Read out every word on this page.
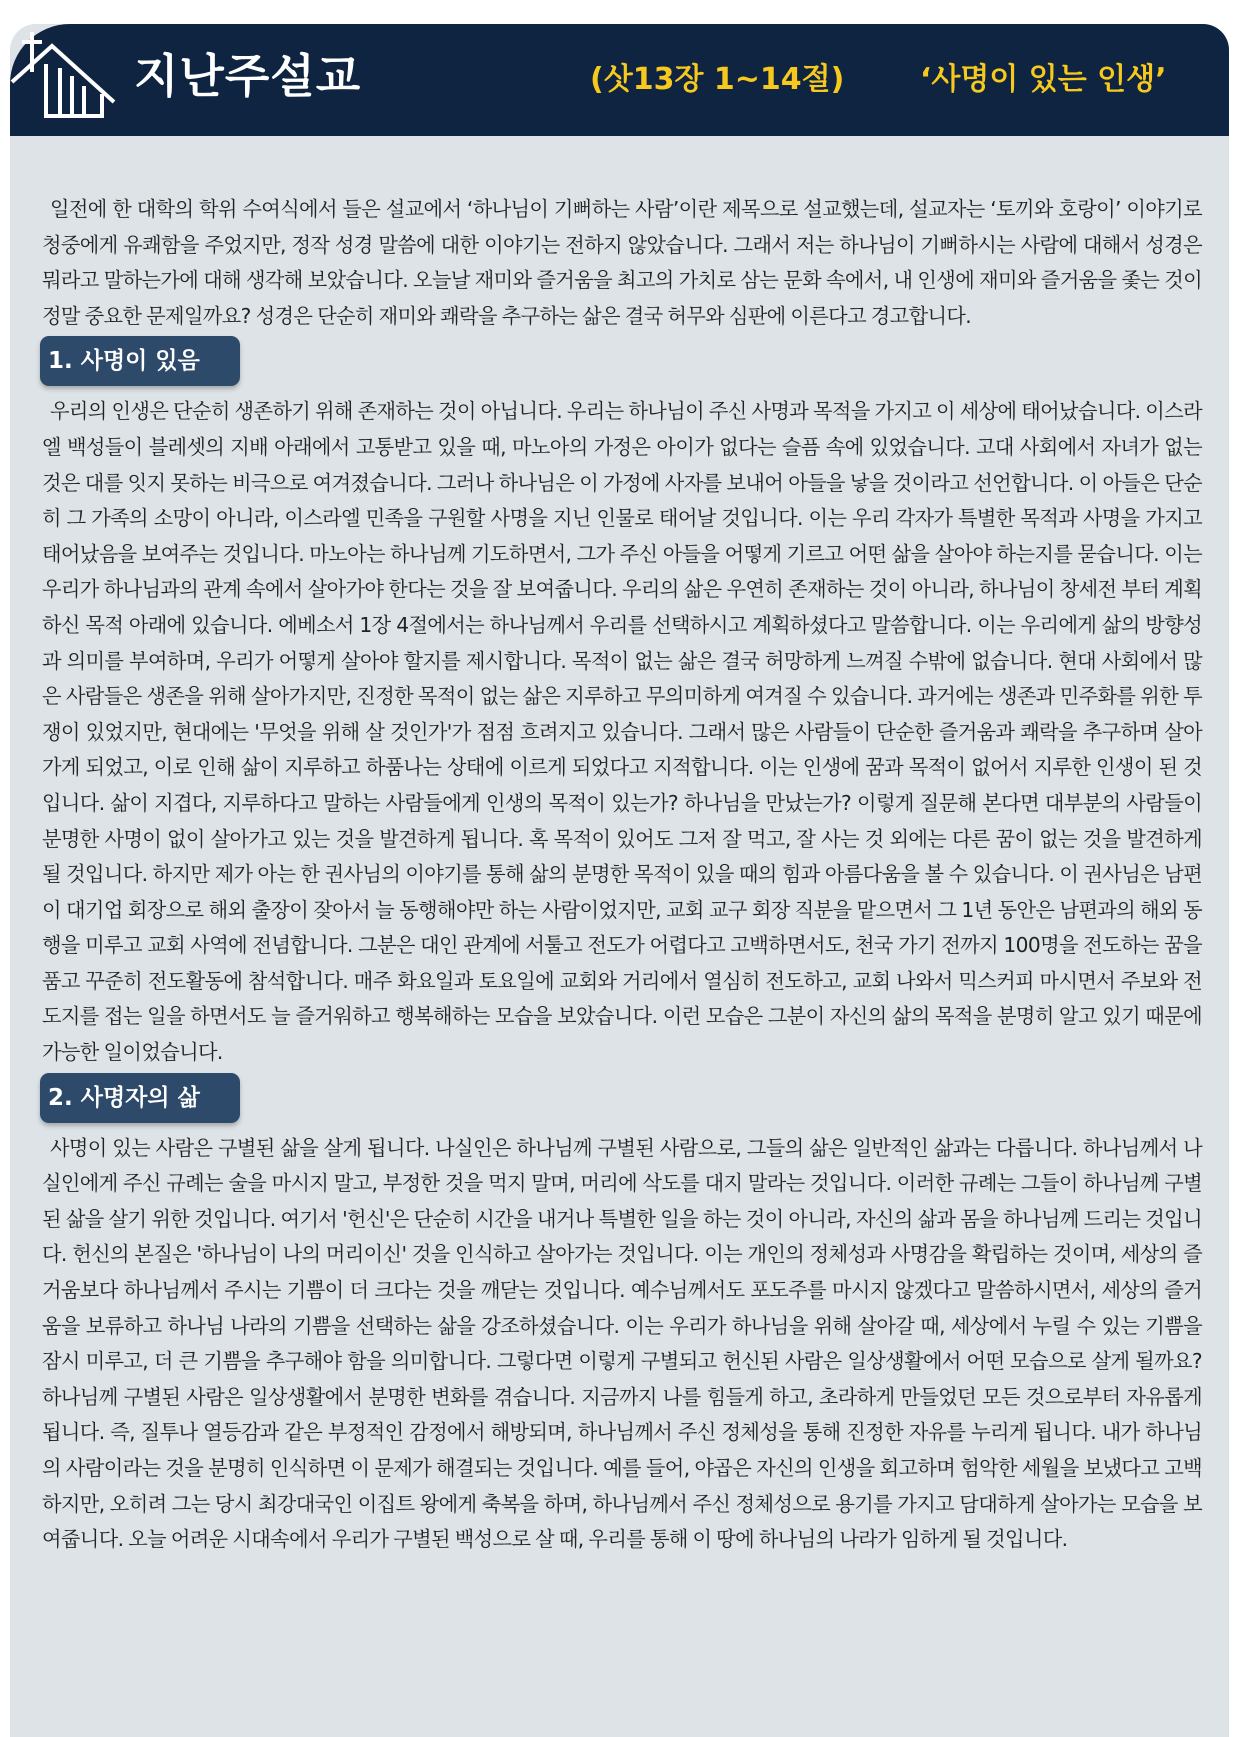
지난주설교	(삿13장 1~14절)	‘사명이 있는 인생’

일전에 한 대학의 학위 수여식에서 들은 설교에서 ‘하나님이 기뻐하는 사람’이란 제목으로 설교했는데, 설교자는 ‘토끼와 호랑이’ 이야기로 청중에게 유쾌함을 주었지만, 정작 성경 말씀에 대한 이야기는 전하지 않았습니다. 그래서 저는 하나님이 기뻐하시는 사람에 대해서 성경은 뭐라고 말하는가에 대해 생각해 보았습니다. 오늘날 재미와 즐거움을 최고의 가치로 삼는 문화 속에서, 내 인생에 재미와 즐거움을 좇는 것이 정말 중요한 문제일까요? 성경은 단순히 재미와 쾌락을 추구하는 삶은 결국 허무와 심판에 이른다고 경고합니다.

1. 사명이 있음

우리의 인생은 단순히 생존하기 위해 존재하는 것이 아닙니다. 우리는 하나님이 주신 사명과 목적을 가지고 이 세상에 태어났습니다. 이스라엘 백성들이 블레셋의 지배 아래에서 고통받고 있을 때, 마노아의 가정은 아이가 없다는 슬픔 속에 있었습니다. 고대 사회에서 자녀가 없는 것은 대를 잇지 못하는 비극으로 여겨졌습니다. 그러나 하나님은 이 가정에 사자를 보내어 아들을 낳을 것이라고 선언합니다. 이 아들은 단순히 그 가족의 소망이 아니라, 이스라엘 민족을 구원할 사명을 지닌 인물로 태어날 것입니다. 이는 우리 각자가 특별한 목적과 사명을 가지고 태어났음을 보여주는 것입니다. 마노아는 하나님께 기도하면서, 그가 주신 아들을 어떻게 기르고 어떤 삶을 살아야 하는지를 묻습니다. 이는 우리가 하나님과의 관계 속에서 살아가야 한다는 것을 잘 보여줍니다. 우리의 삶은 우연히 존재하는 것이 아니라, 하나님이 창세전 부터 계획하신 목적 아래에 있습니다. 에베소서 1장 4절에서는 하나님께서 우리를 선택하시고 계획하셨다고 말씀합니다. 이는 우리에게 삶의 방향성과 의미를 부여하며, 우리가 어떻게 살아야 할지를 제시합니다. 목적이 없는 삶은 결국 허망하게 느껴질 수밖에 없습니다. 현대 사회에서 많은 사람들은 생존을 위해 살아가지만, 진정한 목적이 없는 삶은 지루하고 무의미하게 여겨질 수 있습니다. 과거에는 생존과 민주화를 위한 투쟁이 있었지만, 현대에는 '무엇을 위해 살 것인가'가 점점 흐려지고 있습니다. 그래서 많은 사람들이 단순한 즐거움과 쾌락을 추구하며 살아가게 되었고, 이로 인해 삶이 지루하고 하품나는 상태에 이르게 되었다고 지적합니다. 이는 인생에 꿈과 목적이 없어서 지루한 인생이 된 것입니다. 삶이 지겹다, 지루하다고 말하는 사람들에게 인생의 목적이 있는가? 하나님을 만났는가? 이렇게 질문해 본다면 대부분의 사람들이 분명한 사명이 없이 살아가고 있는 것을 발견하게 됩니다. 혹 목적이 있어도 그저 잘 먹고, 잘 사는 것 외에는 다른 꿈이 없는 것을 발견하게 될 것입니다. 하지만 제가 아는 한 권사님의 이야기를 통해 삶의 분명한 목적이 있을 때의 힘과 아름다움을 볼 수 있습니다. 이 권사님은 남편이 대기업 회장으로 해외 출장이 잦아서 늘 동행해야만 하는 사람이었지만, 교회 교구 회장 직분을 맡으면서 그 1년 동안은 남편과의 해외 동행을 미루고 교회 사역에 전념합니다. 그분은 대인 관계에 서툴고 전도가 어렵다고 고백하면서도, 천국 가기 전까지 100명을 전도하는 꿈을 품고 꾸준히 전도활동에 참석합니다. 매주 화요일과 토요일에 교회와 거리에서 열심히 전도하고, 교회 나와서 믹스커피 마시면서 주보와 전도지를 접는 일을 하면서도 늘 즐거워하고 행복해하는 모습을 보았습니다. 이런 모습은 그분이 자신의 삶의 목적을 분명히 알고 있기 때문에 가능한 일이었습니다.

2. 사명자의 삶

사명이 있는 사람은 구별된 삶을 살게 됩니다. 나실인은 하나님께 구별된 사람으로, 그들의 삶은 일반적인 삶과는 다릅니다. 하나님께서 나실인에게 주신 규례는 술을 마시지 말고, 부정한 것을 먹지 말며, 머리에 삭도를 대지 말라는 것입니다. 이러한 규례는 그들이 하나님께 구별된 삶을 살기 위한 것입니다. 여기서 '헌신'은 단순히 시간을 내거나 특별한 일을 하는 것이 아니라, 자신의 삶과 몸을 하나님께 드리는 것입니다. 헌신의 본질은 '하나님이 나의 머리이신' 것을 인식하고 살아가는 것입니다. 이는 개인의 정체성과 사명감을 확립하는 것이며, 세상의 즐거움보다 하나님께서 주시는 기쁨이 더 크다는 것을 깨닫는 것입니다. 예수님께서도 포도주를 마시지 않겠다고 말씀하시면서, 세상의 즐거움을 보류하고 하나님 나라의 기쁨을 선택하는 삶을 강조하셨습니다. 이는 우리가 하나님을 위해 살아갈 때, 세상에서 누릴 수 있는 기쁨을 잠시 미루고, 더 큰 기쁨을 추구해야 함을 의미합니다. 그렇다면 이렇게 구별되고 헌신된 사람은 일상생활에서 어떤 모습으로 살게 될까요? 하나님께 구별된 사람은 일상생활에서 분명한 변화를 겪습니다. 지금까지 나를 힘들게 하고, 초라하게 만들었던 모든 것으로부터 자유롭게 됩니다. 즉, 질투나 열등감과 같은 부정적인 감정에서 해방되며, 하나님께서 주신 정체성을 통해 진정한 자유를 누리게 됩니다. 내가 하나님의 사람이라는 것을 분명히 인식하면 이 문제가 해결되는 것입니다. 예를 들어, 야곱은 자신의 인생을 회고하며 험악한 세월을 보냈다고 고백하지만, 오히려 그는 당시 최강대국인 이집트 왕에게 축복을 하며, 하나님께서 주신 정체성으로 용기를 가지고 담대하게 살아가는 모습을 보여줍니다. 오늘 어려운 시대속에서 우리가 구별된 백성으로 살 때, 우리를 통해 이 땅에 하나님의 나라가 임하게 될 것입니다.
